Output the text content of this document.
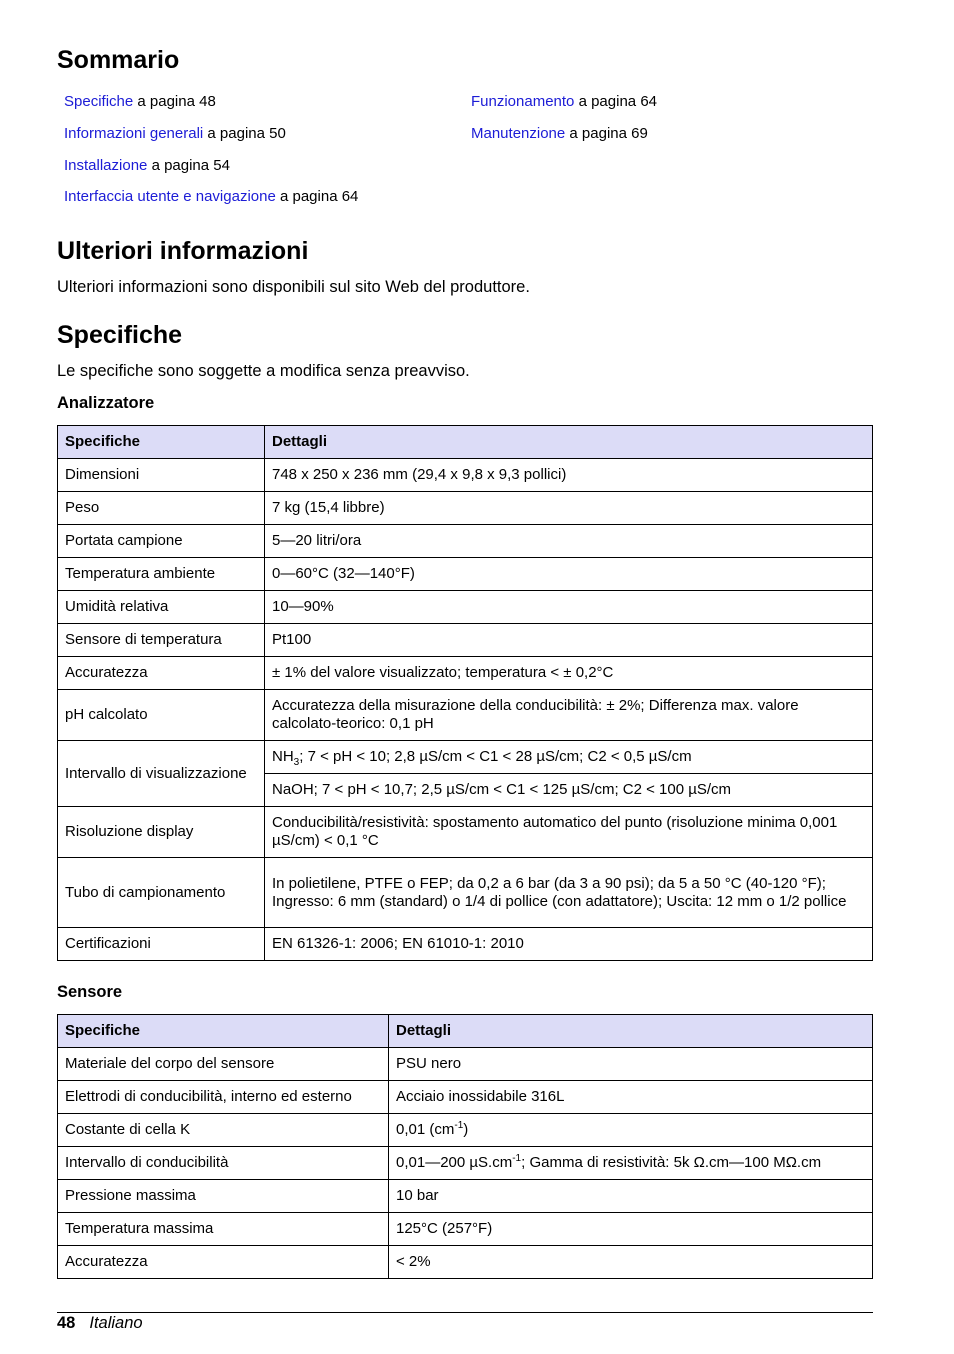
Sommario
Specifiche a pagina 48
Informazioni generali a pagina 50
Installazione a pagina 54
Interfaccia utente e navigazione a pagina 64
Funzionamento a pagina 64
Manutenzione a pagina 69
Ulteriori informazioni
Ulteriori informazioni sono disponibili sul sito Web del produttore.
Specifiche
Le specifiche sono soggette a modifica senza preavviso.
Analizzatore
Specifiche	Dettagli
Dimensioni	748 x 250 x 236 mm (29,4 x 9,8 x 9,3 pollici)
Peso	7 kg (15,4 libbre)
Portata campione	5—20 litri/ora
Temperatura ambiente	0—60°C (32—140°F)
Umidità relativa	10—90%
Sensore di temperatura	Pt100
Accuratezza	± 1% del valore visualizzato; temperatura < ± 0,2°C
pH calcolato	Accuratezza della misurazione della conducibilità: ± 2%; Differenza max. valore calcolato-teorico: 0,1 pH
Intervallo di visualizzazione	$NH_3$; 7 < pH < 10; 2,8 µS/cm < C1 < 28 µS/cm; C2 < 0,5 µS/cm
	NaOH; 7 < pH < 10,7; 2,5 µS/cm < C1 < 125 µS/cm; C2 < 100 µS/cm
Risoluzione display	Conducibilità/resistività: spostamento automatico del punto (risoluzione minima 0,001 µS/cm) < 0,1 °C
Tubo di campionamento	In polietilene, PTFE o FEP; da 0,2 a 6 bar (da 3 a 90 psi); da 5 a 50 °C (40-120 °F); Ingresso: 6 mm (standard) o 1/4 di pollice (con adattatore); Uscita: 12 mm o 1/2 pollice
Certificazioni	EN 61326-1: 2006; EN 61010-1: 2010
Sensore
Specifiche	Dettagli
Materiale del corpo del sensore	PSU nero
Elettrodi di conducibilità, interno ed esterno	Acciaio inossidabile 316L
Costante di cella K	0,01 $(cm^{-1})$
Intervallo di conducibilità	0,01—200 $\mu S.cm^{-1}$; Gamma di resistività: 5k Ω.cm—100 MΩ.cm
Pressione massima	10 bar
Temperatura massima	125°C (257°F)
Accuratezza	< 2%
48 Italiano
